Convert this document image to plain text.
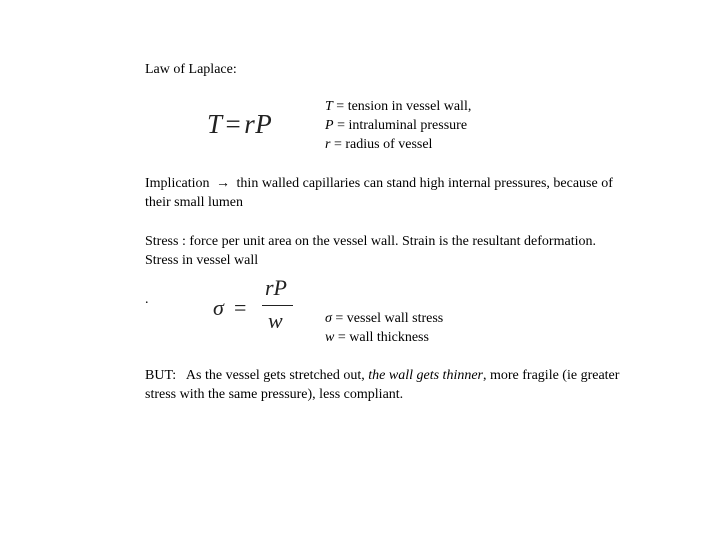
Law of Laplace:
T = rP
T = tension in vessel wall,
P = intraluminal pressure
r = radius of vessel
Implication → thin walled capillaries can stand high internal pressures, because of their small lumen
Stress : force per unit area on the vessel wall. Strain is the resultant deformation. Stress in vessel wall
.	σ =
rP
w	σ = vessel wall stress
w = wall thickness
BUT:   As the vessel gets stretched out, the wall gets thinner, more fragile (ie greater stress with the same pressure), less compliant.
